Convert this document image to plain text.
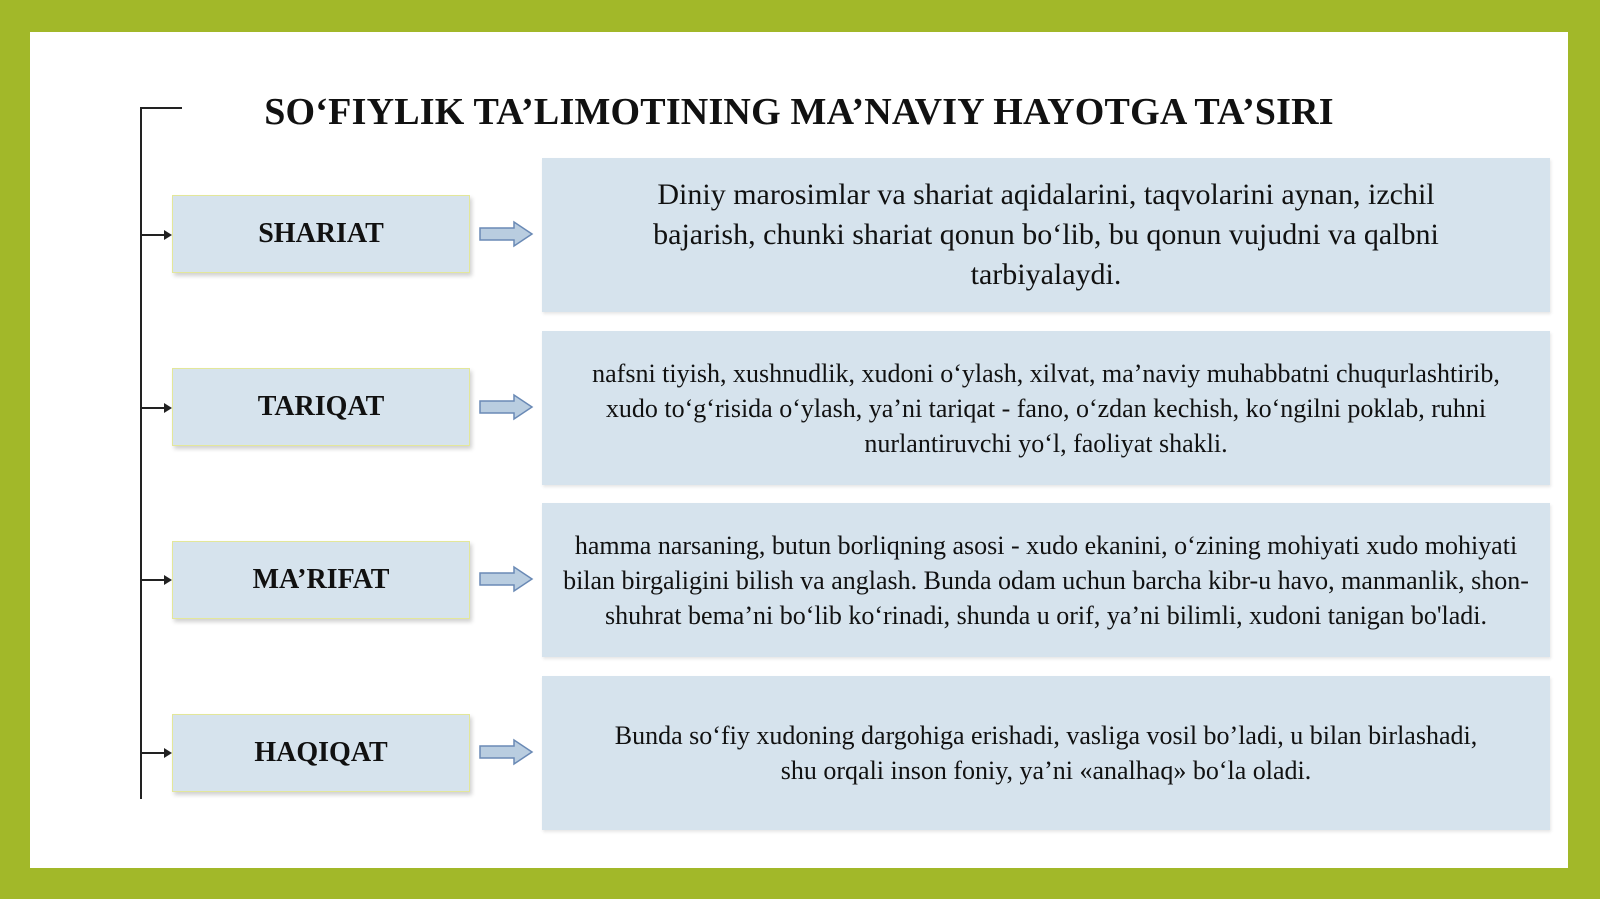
SO‘FIYLIK TA’LIMOTINING MA’NAVIY HAYOTGA TA’SIRI
SHARIAT
Diniy marosimlar va shariat aqidalarini, taqvolarini aynan, izchil bajarish, chunki shariat qonun bo‘lib, bu qonun vujudni va qalbni tarbiyalaydi.
TARIQAT
nafsni tiyish, xushnudlik, xudoni o‘ylash, xilvat, ma’naviy muhabbatni chuqurlashtirib, xudo to‘g‘risida o‘ylash, ya’ni tariqat - fano, o‘zdan kechish, ko‘ngilni poklab, ruhni nurlantiruvchi yo‘l, faoliyat shakli.
MA’RIFAT
hamma narsaning, butun borliqning asosi - xudo ekanini, o‘zining mohiyati xudo mohiyati bilan birgaligini bilish va anglash. Bunda odam uchun barcha kibr-u havo, manmanlik, shon-shuhrat bema’ni bo‘lib ko‘rinadi, shunda u orif, ya’ni bilimli, xudoni tanigan bo'ladi.
HAQIQAT
Bunda so‘fiy xudoning dargohiga erishadi, vasliga vosil bo’ladi, u bilan birlashadi, shu orqali inson foniy, ya’ni «analhaq» bo‘la oladi.
